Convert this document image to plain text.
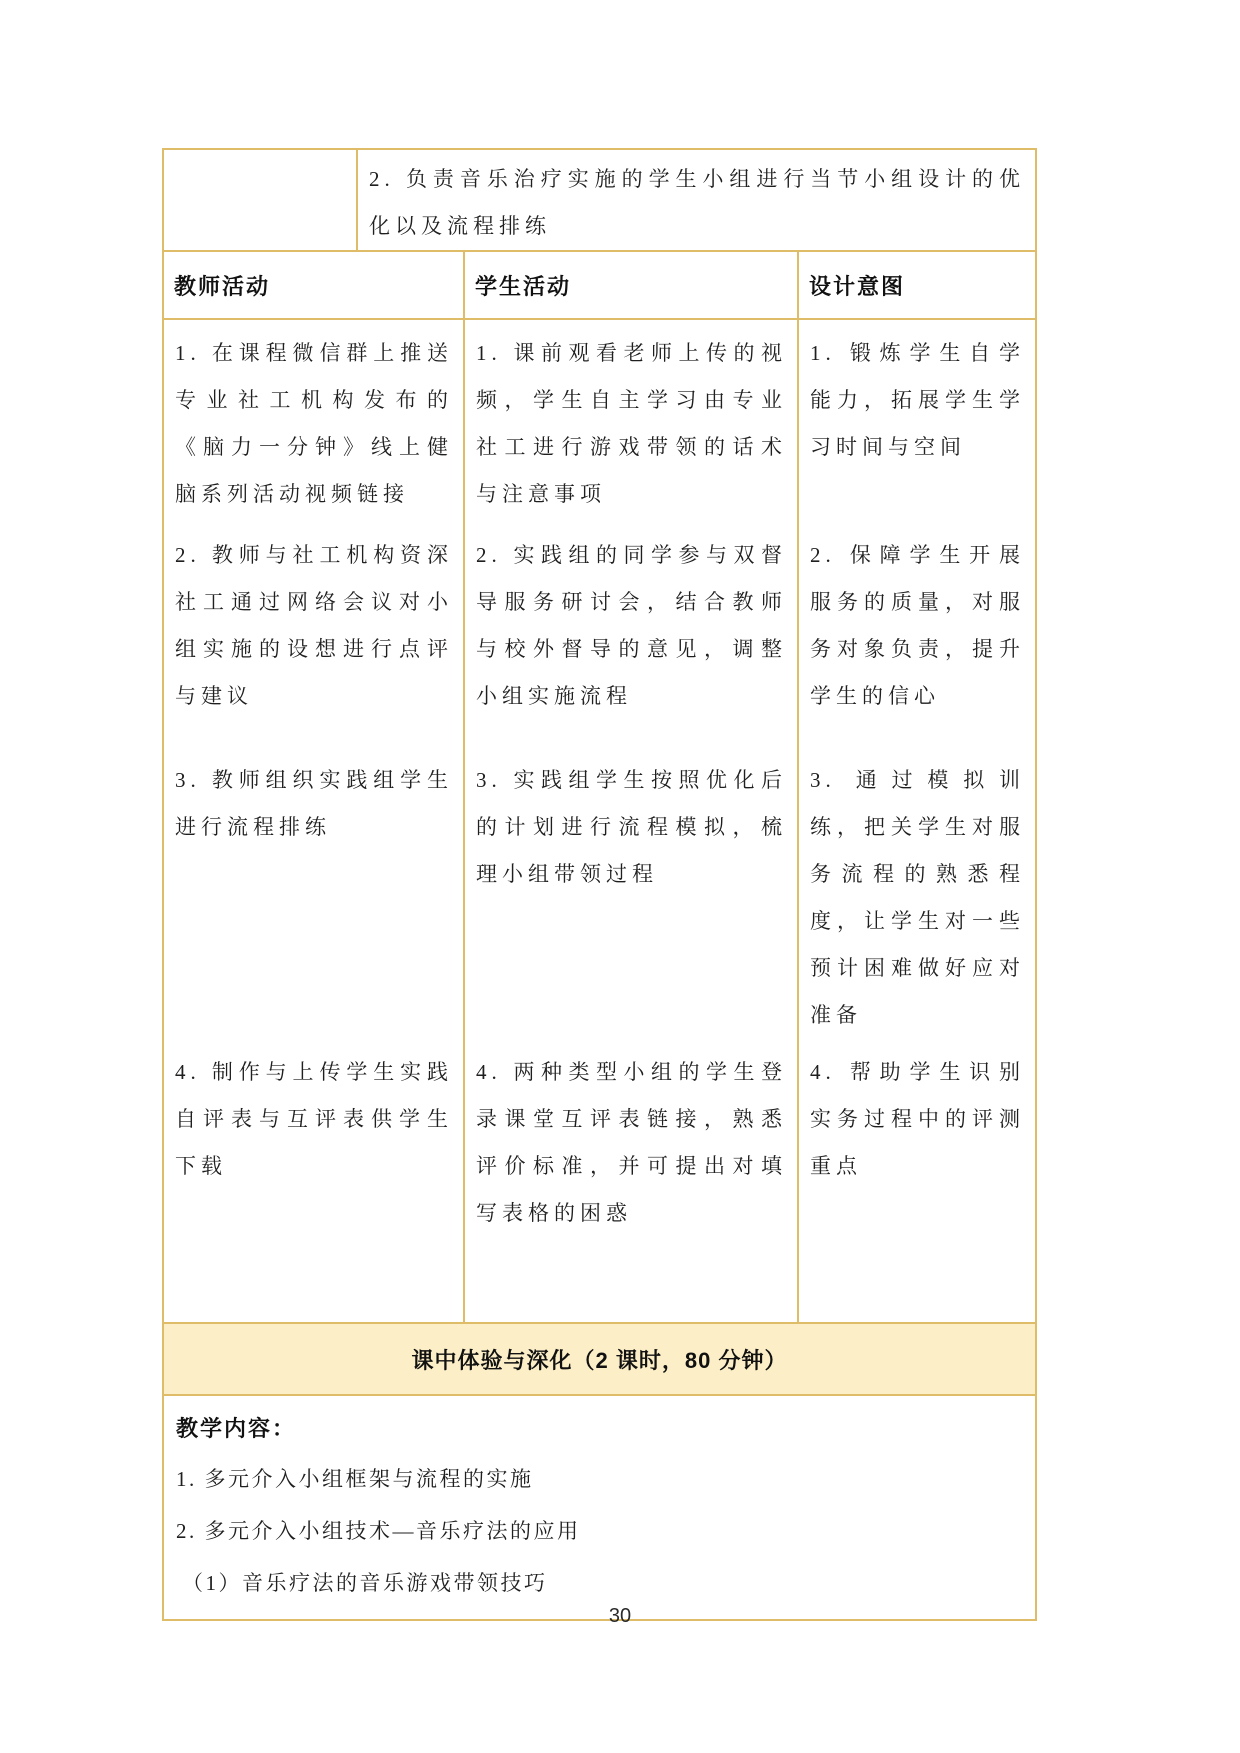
2. 负责音乐治疗实施的学生小组进行当节小组设计的优化以及流程排练
教师活动	学生活动	设计意图
1. 在课程微信群上推送专业社工机构发布的《脑力一分钟》线上健脑系列活动视频链接
1. 课前观看老师上传的视频，学生自主学习由专业社工进行游戏带领的话术与注意事项
1. 锻炼学生自学能力，拓展学生学习时间与空间
2. 教师与社工机构资深社工通过网络会议对小组实施的设想进行点评与建议
2. 实践组的同学参与双督导服务研讨会，结合教师与校外督导的意见，调整小组实施流程
2. 保障学生开展服务的质量，对服务对象负责，提升学生的信心
3. 教师组织实践组学生进行流程排练
3. 实践组学生按照优化后的计划进行流程模拟，梳理小组带领过程
3. 通过模拟训练，把关学生对服务流程的熟悉程度，让学生对一些预计困难做好应对准备
4. 制作与上传学生实践自评表与互评表供学生下载
4. 两种类型小组的学生登录课堂互评表链接，熟悉评价标准，并可提出对填写表格的困惑
4. 帮助学生识别实务过程中的评测重点
课中体验与深化（2 课时，80 分钟）
教学内容：
1. 多元介入小组框架与流程的实施
2. 多元介入小组技术—音乐疗法的应用
（1）音乐疗法的音乐游戏带领技巧
30
